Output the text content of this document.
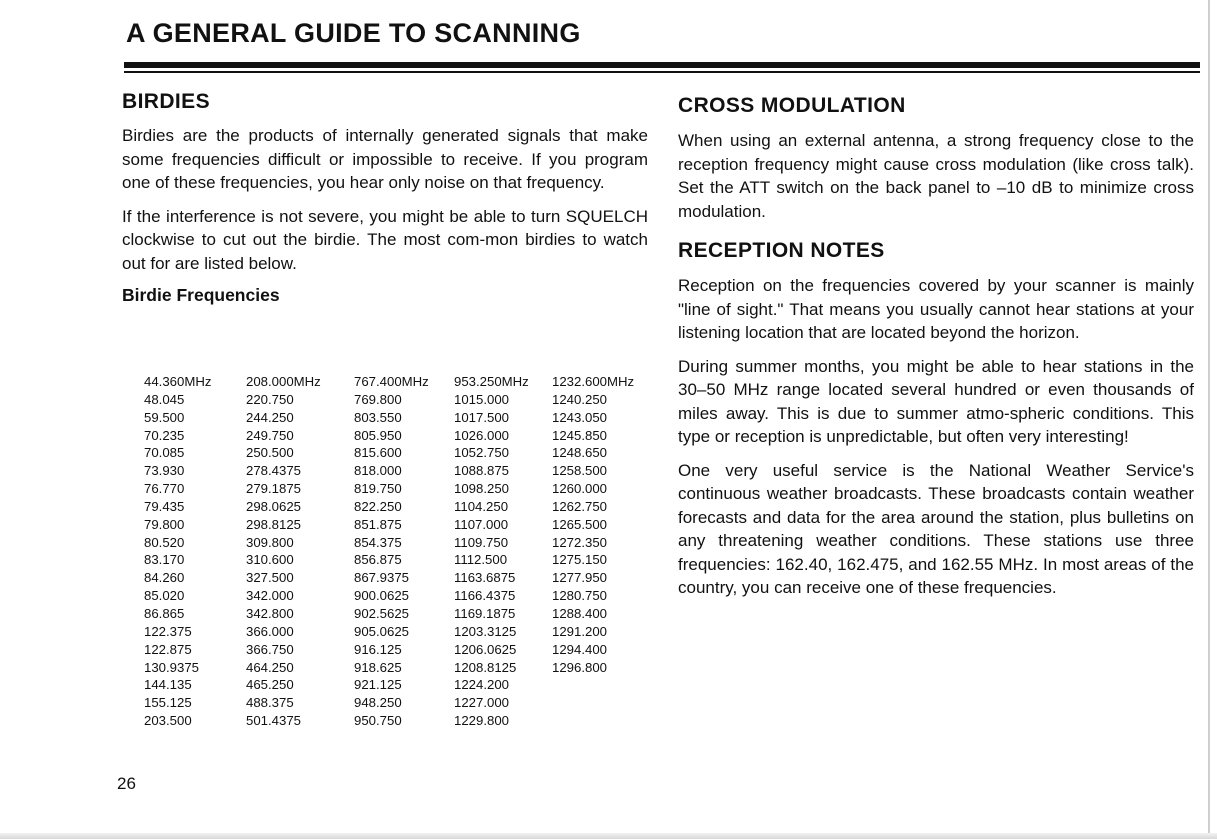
A GENERAL GUIDE TO SCANNING
BIRDIES

Birdies are the products of internally generated signals that make some frequencies difficult or impossible to receive. If you program one of these frequencies, you hear only noise on that frequency.

If the interference is not severe, you might be able to turn SQUELCH clockwise to cut out the birdie. The most com-mon birdies to watch out for are listed below.

Birdie Frequencies
44.360MHz
48.045
59.500
70.235
70.085
73.930
76.770
79.435
79.800
80.520
83.170
84.260
85.020
86.865
122.375
122.875
130.9375
144.135
155.125
203.500
208.000MHz
220.750
244.250
249.750
250.500
278.4375
279.1875
298.0625
298.8125
309.800
310.600
327.500
342.000
342.800
366.000
366.750
464.250
465.250
488.375
501.4375
767.400MHz
769.800
803.550
805.950
815.600
818.000
819.750
822.250
851.875
854.375
856.875
867.9375
900.0625
902.5625
905.0625
916.125
918.625
921.125
948.250
950.750
953.250MHz
1015.000
1017.500
1026.000
1052.750
1088.875
1098.250
1104.250
1107.000
1109.750
1112.500
1163.6875
1166.4375
1169.1875
1203.3125
1206.0625
1208.8125
1224.200
1227.000
1229.800
1232.600MHz
1240.250
1243.050
1245.850
1248.650
1258.500
1260.000
1262.750
1265.500
1272.350
1275.150
1277.950
1280.750
1288.400
1291.200
1294.400
1296.800
CROSS MODULATION

When using an external antenna, a strong frequency close to the reception frequency might cause cross modulation (like cross talk). Set the ATT switch on the back panel to –10 dB to minimize cross modulation.

RECEPTION NOTES

Reception on the frequencies covered by your scanner is mainly "line of sight." That means you usually cannot hear stations at your listening location that are located beyond the horizon.

During summer months, you might be able to hear stations in the 30–50 MHz range located several hundred or even thousands of miles away. This is due to summer atmo-spheric conditions. This type or reception is unpredictable, but often very interesting!

One very useful service is the National Weather Service's continuous weather broadcasts. These broadcasts contain weather forecasts and data for the area around the station, plus bulletins on any threatening weather conditions. These stations use three frequencies: 162.40, 162.475, and 162.55 MHz. In most areas of the country, you can receive one of these frequencies.

26
